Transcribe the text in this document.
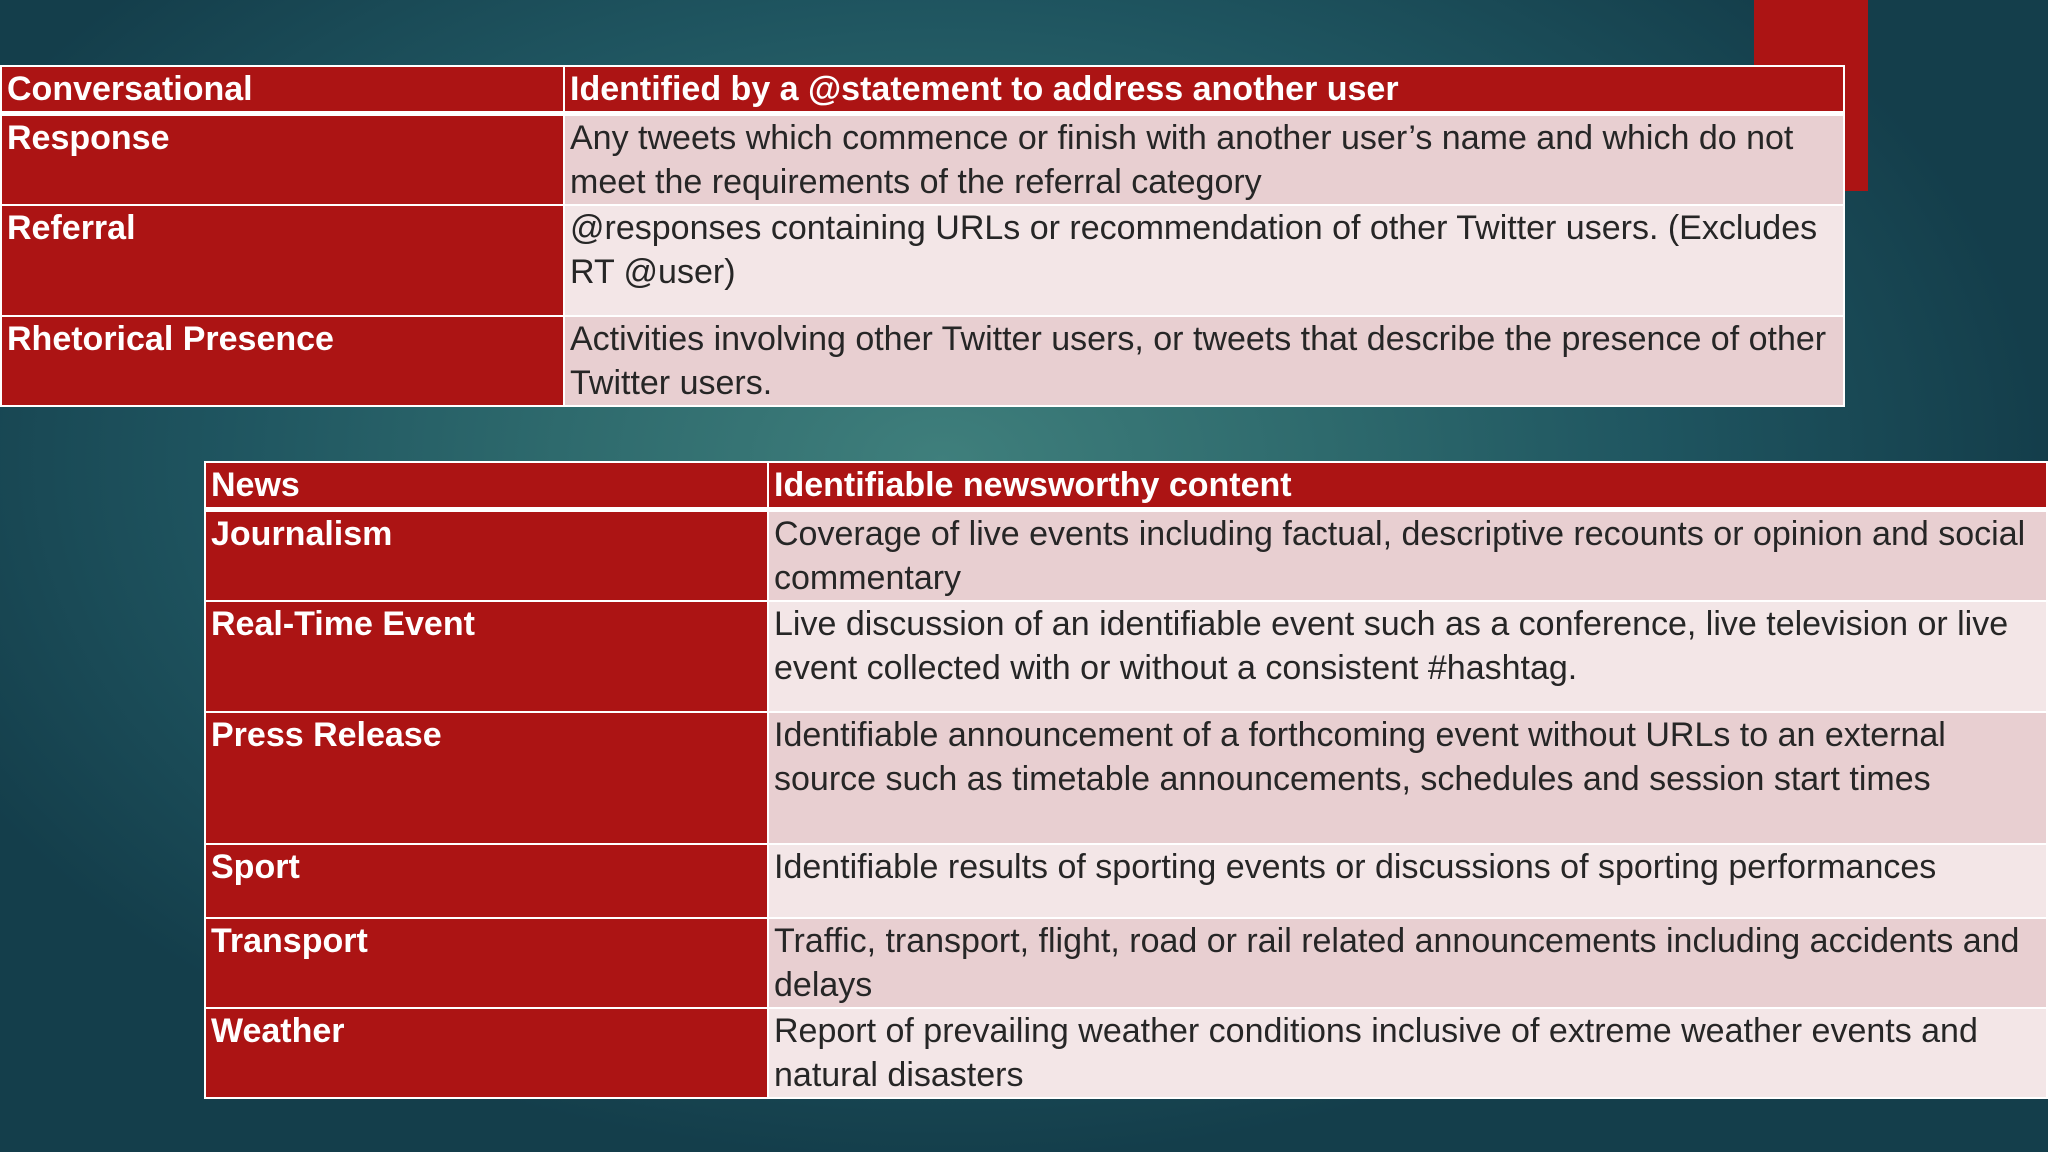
Conversational	Identified by a @statement to address another user
Response	Any tweets which commence or finish with another user’s name and which do not meet the requirements of the referral category
Referral	@responses containing URLs or recommendation of other Twitter users. (Excludes RT @user)
Rhetorical Presence	Activities involving other Twitter users, or tweets that describe the presence of other Twitter users.
News	Identifiable newsworthy content
Journalism	Coverage of live events including factual, descriptive recounts or opinion and social commentary
Real-Time Event	Live discussion of an identifiable event such as a conference, live television or live event collected with or without a consistent #hashtag.
Press Release	Identifiable announcement of a forthcoming event without URLs to an external source such as timetable announcements, schedules and session start times
Sport	Identifiable results of sporting events or discussions of sporting performances
Transport	Traffic, transport, flight, road or rail related announcements including accidents and delays
Weather	Report of prevailing weather conditions inclusive of extreme weather events and natural disasters
